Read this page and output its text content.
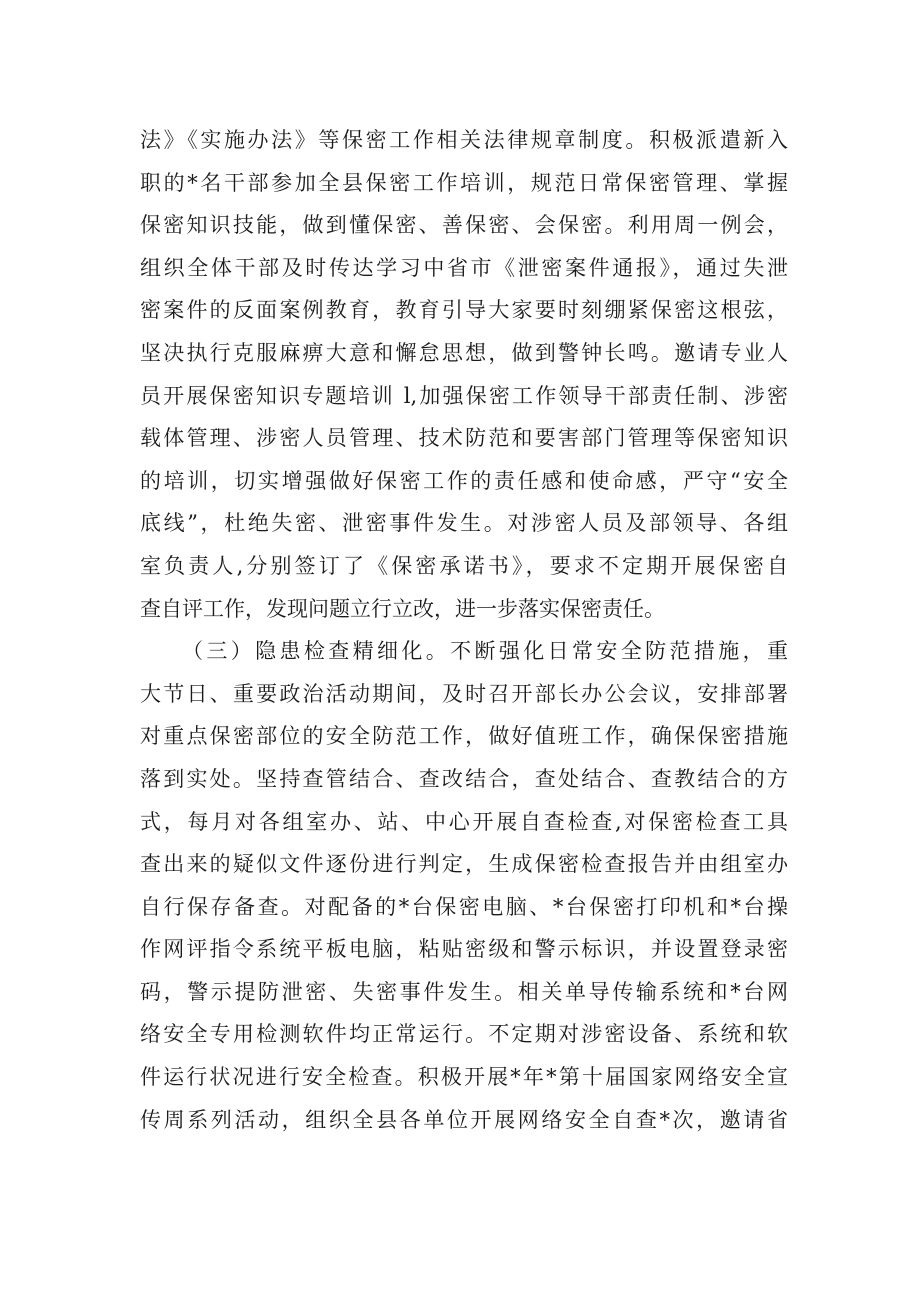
法》《实施办法》等保密工作相关法律规章制度。积极派遣新入
职的*名干部参加全县保密工作培训，规范日常保密管理、掌握
保密知识技能，做到懂保密、善保密、会保密。利用周一例会，
组织全体干部及时传达学习中省市《泄密案件通报》，通过失泄
密案件的反面案例教育，教育引导大家要时刻绷紧保密这根弦，
坚决执行克服麻痹大意和懈怠思想，做到警钟长鸣。邀请专业人
员开展保密知识专题培训 l,加强保密工作领导干部责任制、涉密
载体管理、涉密人员管理、技术防范和要害部门管理等保密知识
的培训，切实增强做好保密工作的责任感和使命感，严守“安全
底线”，杜绝失密、泄密事件发生。对涉密人员及部领导、各组
室负责人,分别签订了《保密承诺书》，要求不定期开展保密自
查自评工作，发现问题立行立改，进一步落实保密责任。
（三）隐患检查精细化。不断强化日常安全防范措施，重
大节日、重要政治活动期间，及时召开部长办公会议，安排部署
对重点保密部位的安全防范工作，做好值班工作，确保保密措施
落到实处。坚持查管结合、查改结合，查处结合、查教结合的方
式，每月对各组室办、站、中心开展自查检查,对保密检查工具
查出来的疑似文件逐份进行判定，生成保密检查报告并由组室办
自行保存备查。对配备的*台保密电脑、*台保密打印机和*台操
作网评指令系统平板电脑，粘贴密级和警示标识，并设置登录密
码，警示提防泄密、失密事件发生。相关单导传输系统和*台网
络安全专用检测软件均正常运行。不定期对涉密设备、系统和软
件运行状况进行安全检查。积极开展*年*第十届国家网络安全宣
传周系列活动，组织全县各单位开展网络安全自查*次，邀请省
